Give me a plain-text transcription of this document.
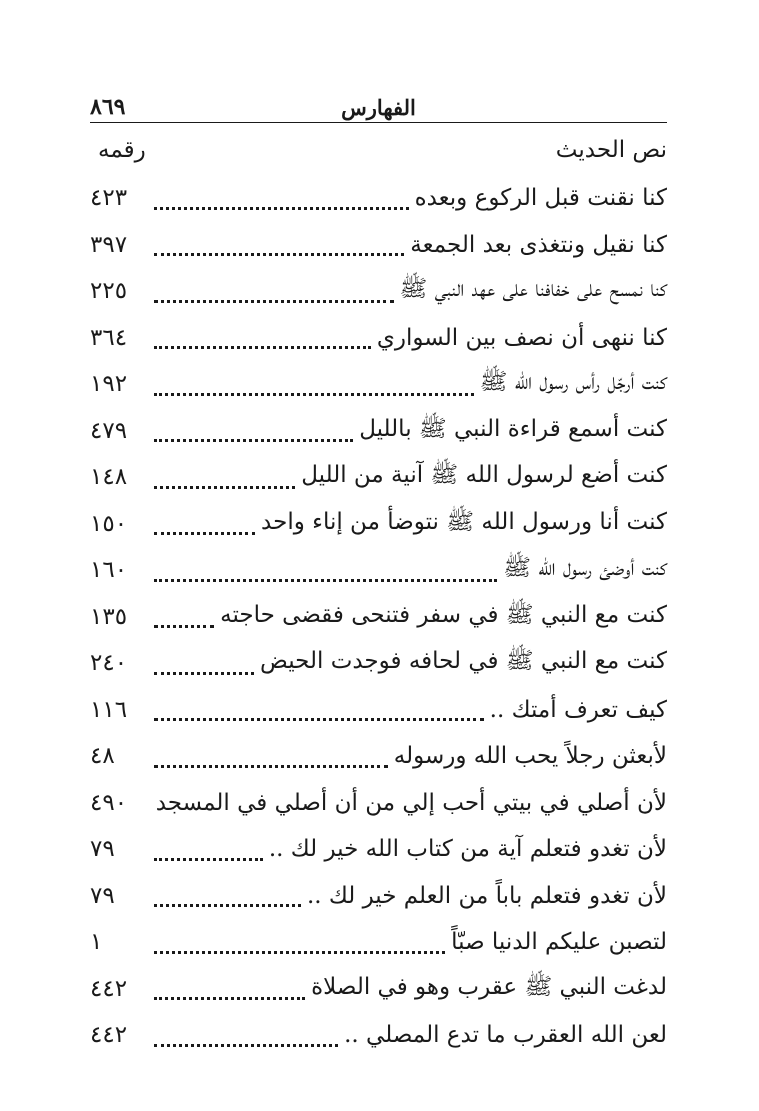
٨٦٩	الفهارس
نص الحديث
رقمه
كنا نقنت قبل الركوع وبعده
٤٢٣
كنا نقيل ونتغذى بعد الجمعة
٣٩٧
كنا نمسح على خفافنا على عهد النبي ﷺ
٢٢٥
كنا ننهى أن نصف بين السواري
٣٦٤
كنت أرجّل رأس رسول الله ﷺ
١٩٢
كنت أسمع قراءة النبي ﷺ بالليل
٤٧٩
كنت أضع لرسول الله ﷺ آنية من الليل
١٤٨
كنت أنا ورسول الله ﷺ نتوضأ من إناء واحد
١٥٠
كنت أوضئ رسول الله ﷺ
١٦٠
كنت مع النبي ﷺ في سفر فتنحى فقضى حاجته
١٣٥
كنت مع النبي ﷺ في لحافه فوجدت الحيض
٢٤٠
كيف تعرف أمتك ..
١١٦
لأبعثن رجلاً يحب الله ورسوله
٤٨
لأن أصلي في بيتي أحب إلي من أن أصلي في المسجد
٤٩٠
لأن تغدو فتعلم آية من كتاب الله خير لك ..
٧٩
لأن تغدو فتعلم باباً من العلم خير لك ..
٧٩
لتصبن عليكم الدنيا صبّاً
١
لدغت النبي ﷺ عقرب وهو في الصلاة
٤٤٢
لعن الله العقرب ما تدع المصلي ..
٤٤٢
